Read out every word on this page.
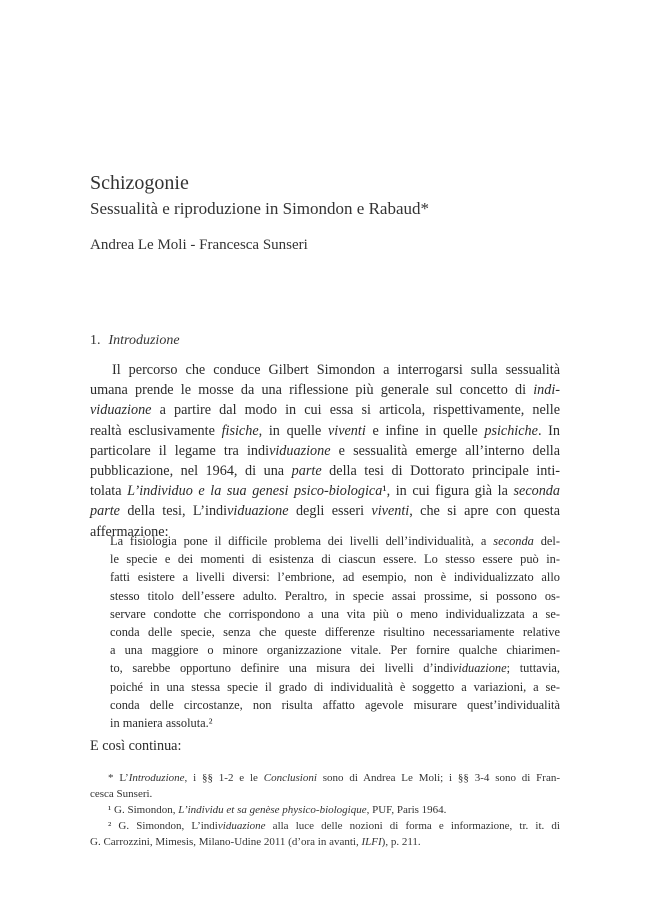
Schizogonie
Sessualità e riproduzione in Simondon e Rabaud*
Andrea Le Moli - Francesca Sunseri
1. Introduzione
Il percorso che conduce Gilbert Simondon a interrogarsi sulla sessualità
umana prende le mosse da una riflessione più generale sul concetto di indi-
viduazione a partire dal modo in cui essa si articola, rispettivamente, nelle
realtà esclusivamente fisiche, in quelle viventi e infine in quelle psichiche. In
particolare il legame tra individuazione e sessualità emerge all’interno della
pubblicazione, nel 1964, di una parte della tesi di Dottorato principale inti-
tolata L’individuo e la sua genesi psico-biologica¹, in cui figura già la seconda
parte della tesi, L’individuazione degli esseri viventi, che si apre con questa
affermazione:
La fisiologia pone il difficile problema dei livelli dell’individualità, a seconda del-
le specie e dei momenti di esistenza di ciascun essere. Lo stesso essere può in-
fatti esistere a livelli diversi: l’embrione, ad esempio, non è individualizzato allo
stesso titolo dell’essere adulto. Peraltro, in specie assai prossime, si possono os-
servare condotte che corrispondono a una vita più o meno individualizzata a se-
conda delle specie, senza che queste differenze risultino necessariamente relative
a una maggiore o minore organizzazione vitale. Per fornire qualche chiarimen-
to, sarebbe opportuno definire una misura dei livelli d’individuazione; tuttavia,
poiché in una stessa specie il grado di individualità è soggetto a variazioni, a se-
conda delle circostanze, non risulta affatto agevole misurare quest’individualità
in maniera assoluta.²
E così continua:
* L’Introduzione, i §§ 1-2 e le Conclusioni sono di Andrea Le Moli; i §§ 3-4 sono di Fran-
cesca Sunseri.
¹ G. Simondon, L’individu et sa genèse physico-biologique, PUF, Paris 1964.
² G. Simondon, L’individuazione alla luce delle nozioni di forma e informazione, tr. it. di
G. Carrozzini, Mimesis, Milano-Udine 2011 (d’ora in avanti, ILFI), p. 211.
